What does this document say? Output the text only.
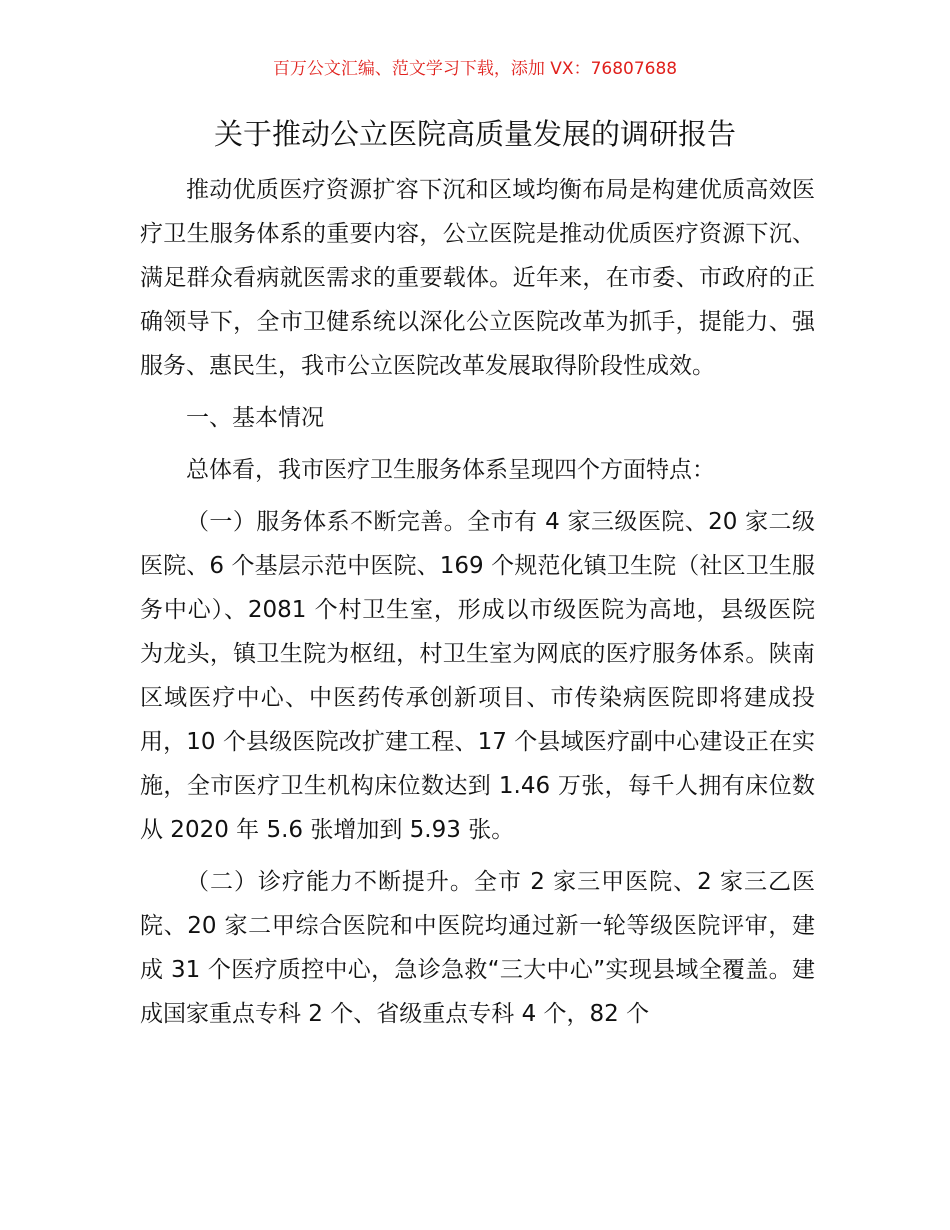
百万公文汇编、范文学习下载，添加 VX：76807688
关于推动公立医院高质量发展的调研报告

推动优质医疗资源扩容下沉和区域均衡布局是构建优质高效医疗卫生服务体系的重要内容，公立医院是推动优质医疗资源下沉、满足群众看病就医需求的重要载体。近年来，在市委、市政府的正确领导下，全市卫健系统以深化公立医院改革为抓手，提能力、强服务、惠民生，我市公立医院改革发展取得阶段性成效。

一、基本情况

总体看，我市医疗卫生服务体系呈现四个方面特点：

（一）服务体系不断完善。全市有 4 家三级医院、20 家二级医院、6 个基层示范中医院、169 个规范化镇卫生院（社区卫生服务中心）、2081 个村卫生室，形成以市级医院为高地，县级医院为龙头，镇卫生院为枢纽，村卫生室为网底的医疗服务体系。陕南区域医疗中心、中医药传承创新项目、市传染病医院即将建成投用，10 个县级医院改扩建工程、17 个县域医疗副中心建设正在实施，全市医疗卫生机构床位数达到 1.46 万张，每千人拥有床位数从 2020 年 5.6 张增加到 5.93 张。

（二）诊疗能力不断提升。全市 2 家三甲医院、2 家三乙医院、20 家二甲综合医院和中医院均通过新一轮等级医院评审，建成 31 个医疗质控中心，急诊急救“三大中心”实现县域全覆盖。建成国家重点专科 2 个、省级重点专科 4 个，82 个
